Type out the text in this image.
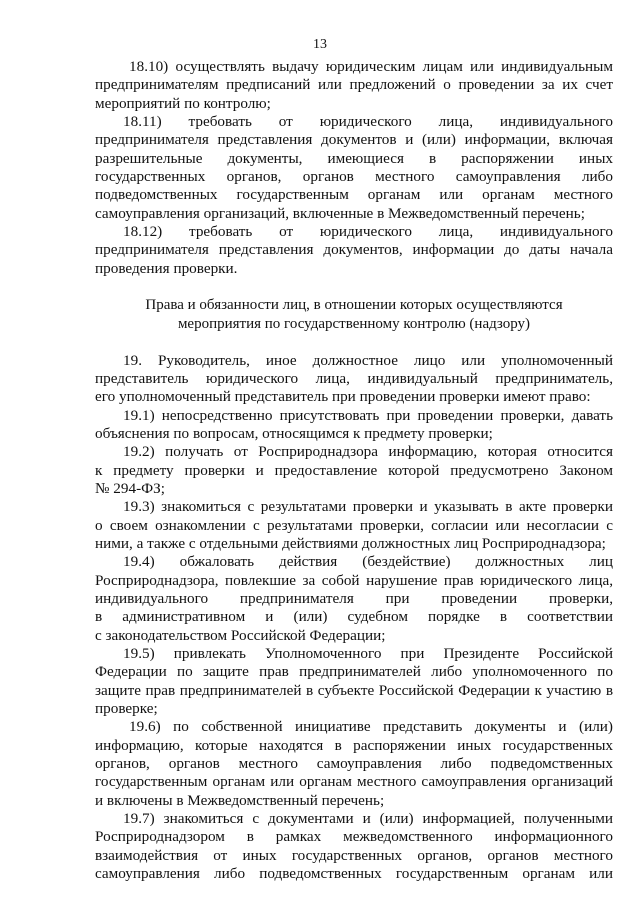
13
18.10) осуществлять выдачу юридическим лицам или индивидуальным
предпринимателям предписаний или предложений о проведении за их счет
мероприятий по контролю;
18.11) требовать от юридического лица, индивидуального
предпринимателя представления документов и (или) информации, включая
разрешительные документы, имеющиеся в распоряжении иных
государственных органов, органов местного самоуправления либо
подведомственных государственным органам или органам местного
самоуправления организаций, включенные в Межведомственный перечень;
18.12) требовать от юридического лица, индивидуального
предпринимателя представления документов, информации до даты начала
проведения проверки.
Права и обязанности лиц, в отношении которых осуществляются
мероприятия по государственному контролю (надзору)
19. Руководитель, иное должностное лицо или уполномоченный
представитель юридического лица, индивидуальный предприниматель,
его уполномоченный представитель при проведении проверки имеют право:
19.1) непосредственно присутствовать при проведении проверки, давать
объяснения по вопросам, относящимся к предмету проверки;
19.2) получать от Росприроднадзора информацию, которая относится
к предмету проверки и предоставление которой предусмотрено Законом
№ 294-ФЗ;
19.3) знакомиться с результатами проверки и указывать в акте проверки
о своем ознакомлении с результатами проверки, согласии или несогласии с
ними, а также с отдельными действиями должностных лиц Росприроднадзора;
19.4) обжаловать действия (бездействие) должностных лиц
Росприроднадзора, повлекшие за собой нарушение прав юридического лица,
индивидуального предпринимателя при проведении проверки,
в административном и (или) судебном порядке в соответствии
с законодательством Российской Федерации;
19.5) привлекать Уполномоченного при Президенте Российской
Федерации по защите прав предпринимателей либо уполномоченного по
защите прав предпринимателей в субъекте Российской Федерации к участию в
проверке;
19.6) по собственной инициативе представить документы и (или)
информацию, которые находятся в распоряжении иных государственных
органов, органов местного самоуправления либо подведомственных
государственным органам или органам местного самоуправления организаций
и включены в Межведомственный перечень;
19.7) знакомиться с документами и (или) информацией, полученными
Росприроднадзором в рамках межведомственного информационного
взаимодействия от иных государственных органов, органов местного
самоуправления либо подведомственных государственным органам или
